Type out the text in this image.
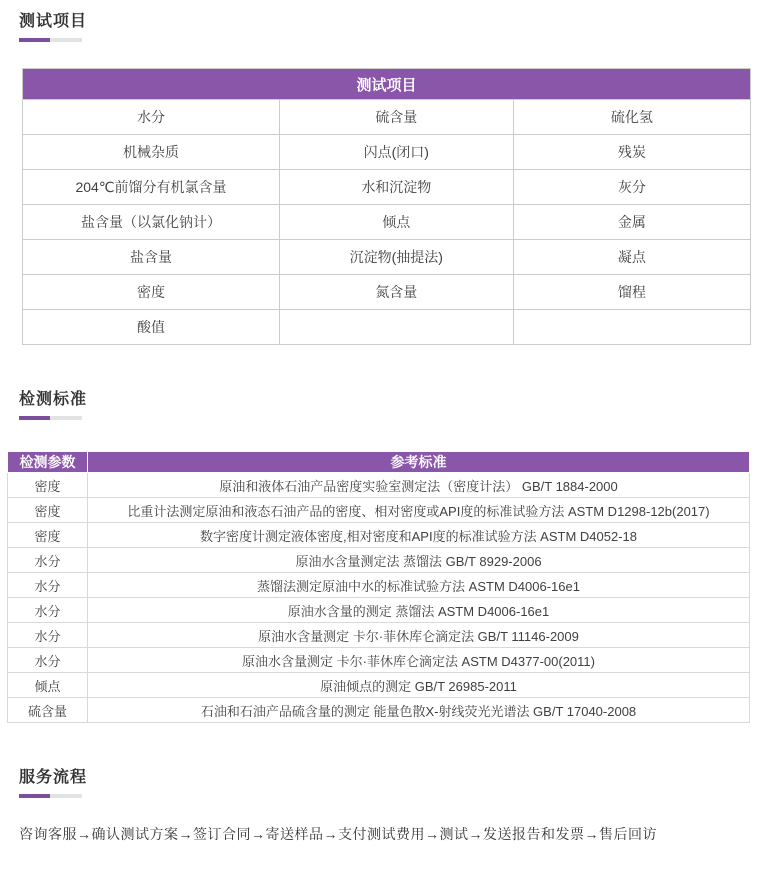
测试项目
测试项目		
水分	硫含量	硫化氢
机械杂质	闪点(闭口)	残炭
204℃前馏分有机氯含量	水和沉淀物	灰分
盐含量（以氯化钠计）	倾点	金属
盐含量	沉淀物(抽提法)	凝点
密度	氮含量	馏程
酸值		
检测标准
检测参数	参考标准
密度	原油和液体石油产品密度实验室测定法（密度计法） GB/T 1884-2000
密度	比重计法测定原油和液态石油产品的密度、相对密度或API度的标准试验方法 ASTM D1298-12b(2017)
密度	数字密度计测定液体密度,相对密度和API度的标准试验方法 ASTM D4052-18
水分	原油水含量测定法 蒸馏法 GB/T 8929-2006
水分	蒸馏法测定原油中水的标准试验方法 ASTM D4006-16e1
水分	原油水含量的测定 蒸馏法 ASTM D4006-16e1
水分	原油水含量测定 卡尔·菲休库仑滴定法 GB/T 11146-2009
水分	原油水含量测定 卡尔·菲休库仑滴定法 ASTM D4377-00(2011)
倾点	原油倾点的测定 GB/T 26985-2011
硫含量	石油和石油产品硫含量的测定 能量色散X-射线荧光光谱法 GB/T 17040-2008
服务流程
咨询客服→确认测试方案→签订合同→寄送样品→支付测试费用→测试→发送报告和发票→售后回访
